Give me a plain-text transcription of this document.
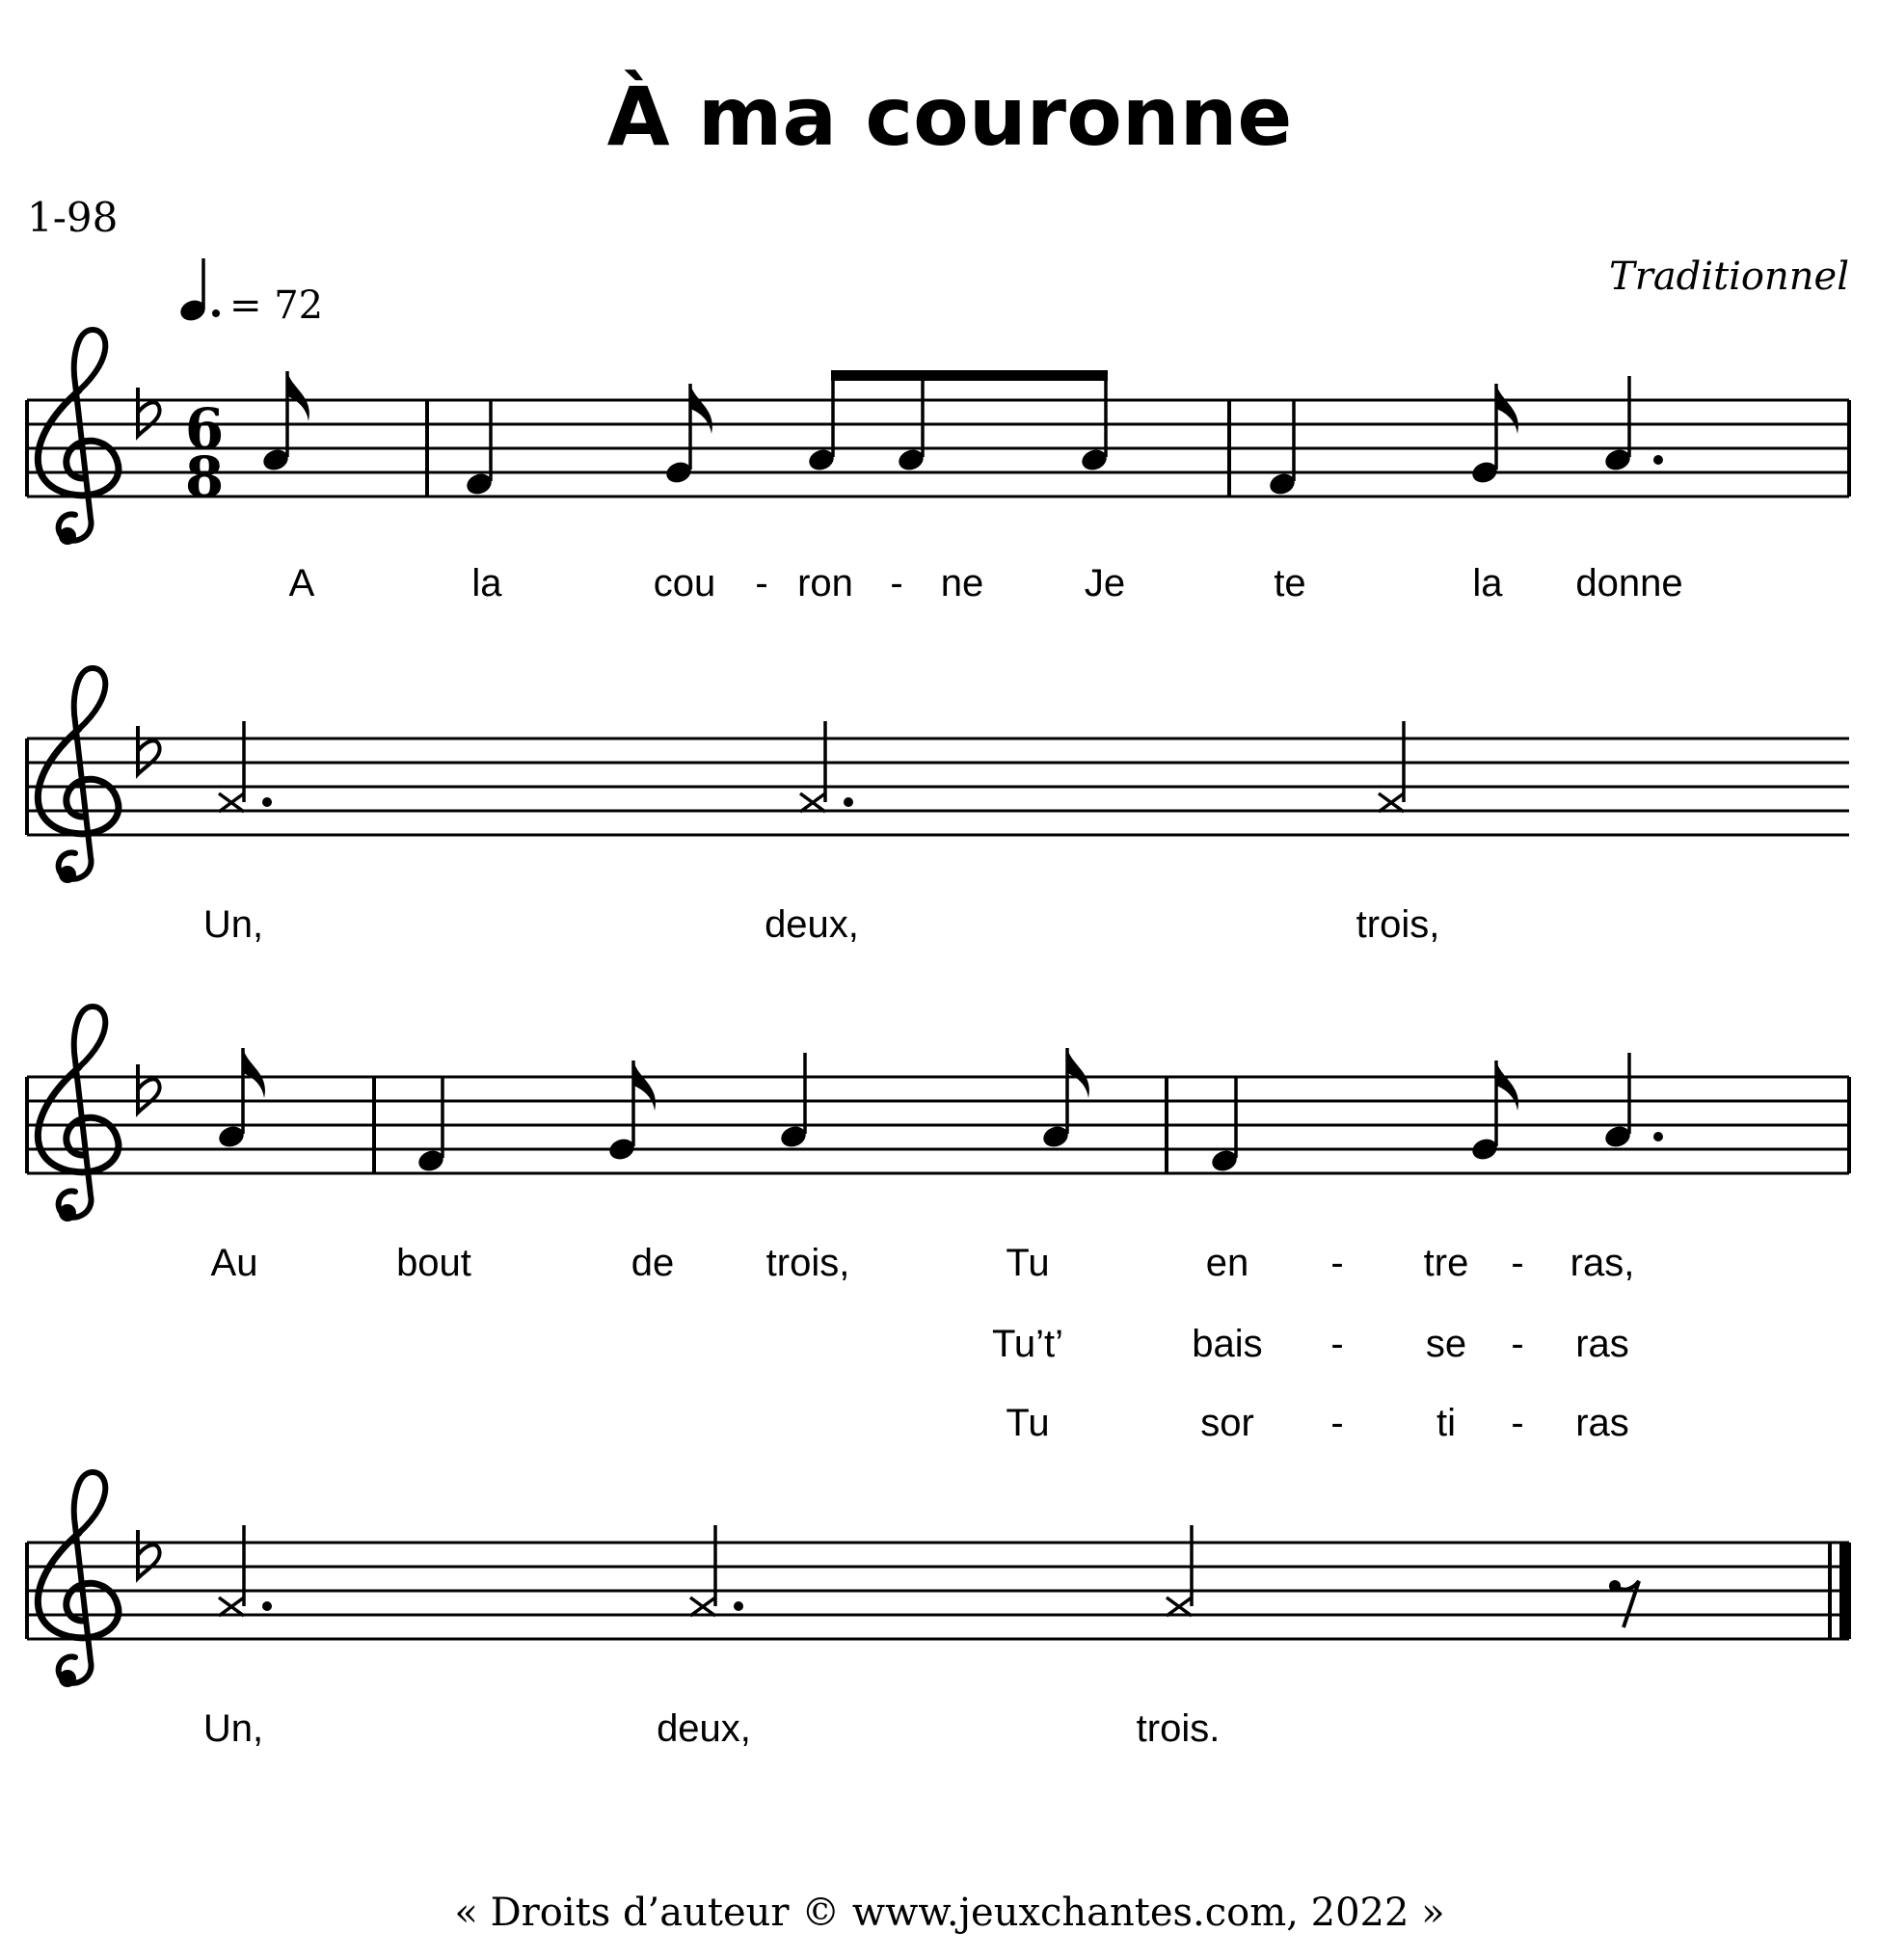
À ma couronne
1-98
Traditionnel
= 72
6
8
A	la	cou - ron - ne	Je	te	la donne
Un,	deux,	trois,
Au	bout	de trois,	Tu	en - tre - ras,
Tu’t’	bais - se - ras
Tu	sor - ti - ras
Un,	deux,	trois.
« Droits d’auteur © www.jeuxchantes.com, 2022 »
